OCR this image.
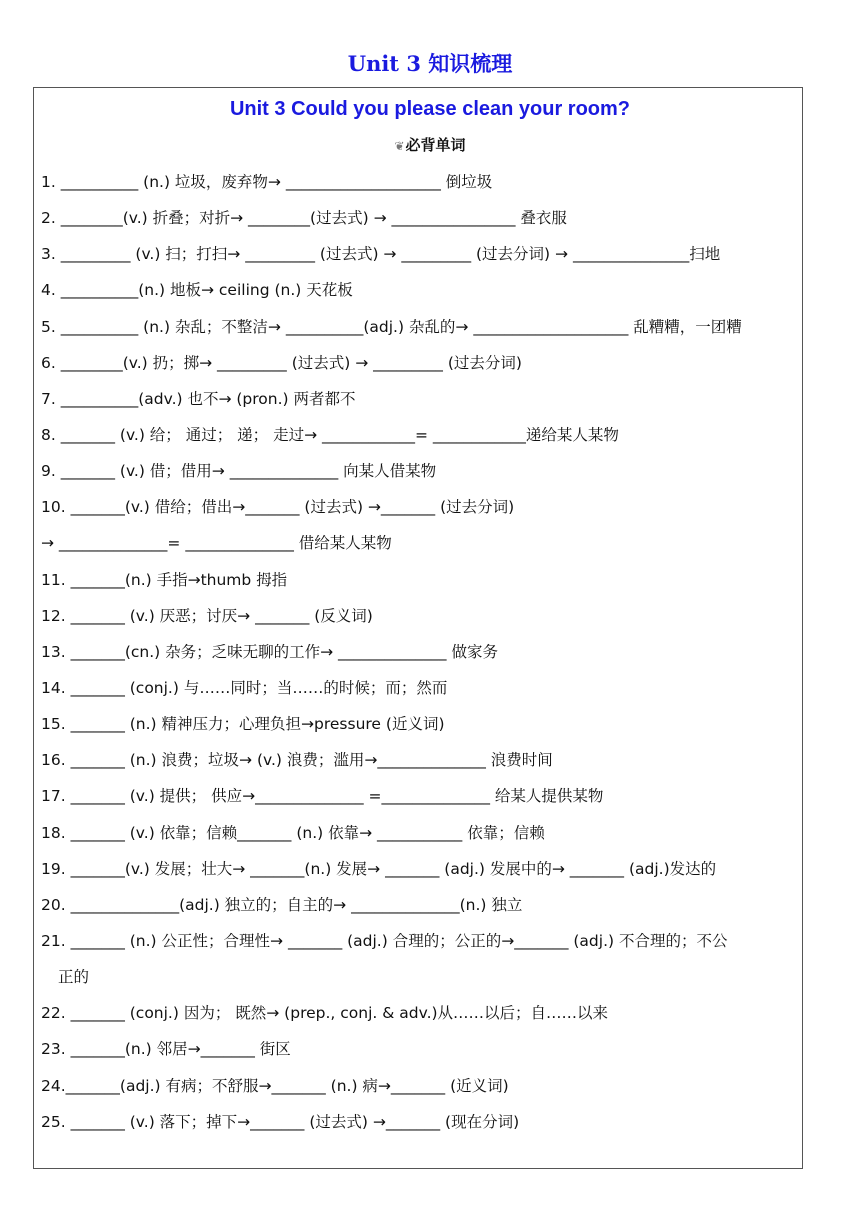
Unit 3 知识梳理
Unit 3 Could you please clean your room?
❦必背单词
1. __________ (n.) 垃圾，废弃物→ ____________________ 倒垃圾
2. ________(v.) 折叠；对折→ ________(过去式) → ________________ 叠衣服
3. _________ (v.) 扫；打扫→ _________ (过去式) → _________ (过去分词) → _______________扫地
4. __________(n.) 地板→ ceiling (n.) 天花板
5. __________ (n.) 杂乱；不整洁→ __________(adj.) 杂乱的→ ____________________ 乱糟糟，一团糟
6. ________(v.) 扔；掷→ _________ (过去式) → _________ (过去分词)
7. __________(adv.) 也不→ (pron.) 两者都不
8. _______ (v.) 给； 通过； 递； 走过→ ____________= ____________递给某人某物
9. _______ (v.) 借；借用→ ______________ 向某人借某物
10. _______(v.) 借给；借出→_______ (过去式) →_______ (过去分词)
→ ______________= ______________ 借给某人某物
11. _______(n.) 手指→thumb 拇指
12. _______ (v.) 厌恶；讨厌→ _______ (反义词)
13. _______(cn.) 杂务；乏味无聊的工作→ ______________ 做家务
14. _______ (conj.) 与……同时；当……的时候；而；然而
15. _______ (n.) 精神压力；心理负担→pressure (近义词)
16. _______ (n.) 浪费；垃圾→ (v.) 浪费；滥用→______________ 浪费时间
17. _______ (v.) 提供； 供应→______________ =______________ 给某人提供某物
18. _______ (v.) 依靠；信赖_______ (n.) 依靠→ ___________ 依靠；信赖
19. _______(v.) 发展；壮大→ _______(n.) 发展→ _______ (adj.) 发展中的→ _______ (adj.)发达的
20. ______________(adj.) 独立的；自主的→ ______________(n.) 独立
21. _______ (n.) 公正性；合理性→ _______ (adj.) 合理的；公正的→_______ (adj.) 不合理的；不公
正的
22. _______ (conj.) 因为； 既然→ (prep., conj. & adv.)从……以后；自……以来
23. _______(n.) 邻居→_______ 街区
24._______(adj.) 有病；不舒服→_______ (n.) 病→_______ (近义词)
25. _______ (v.) 落下；掉下→_______ (过去式) →_______ (现在分词)
